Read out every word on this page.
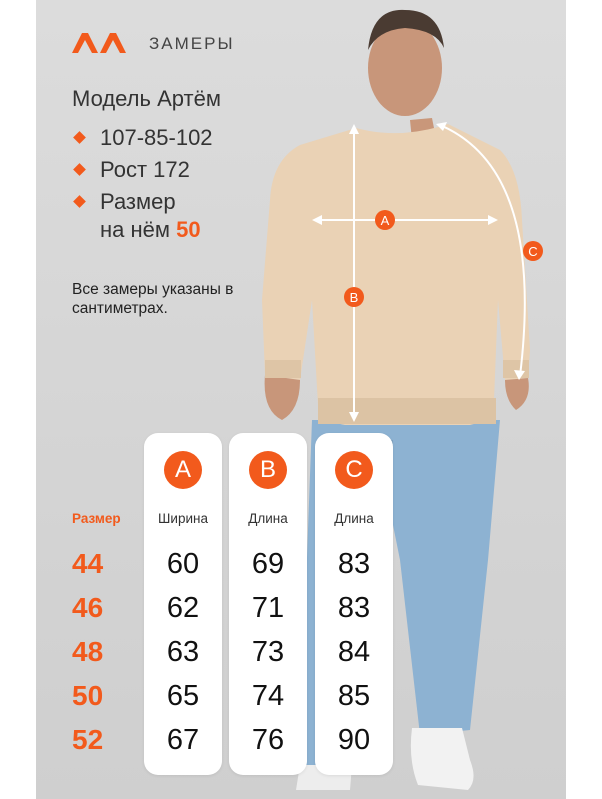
A
B
C
ЗАМЕРЫ
Модель Артём
107-85-102
Рост 172
Размер
на нём 50
Все замеры указаны в сантиметрах.
Размер
A
Ширина
60
62
63
65
67
B
Длина
69
71
73
74
76
C
Длина
83
83
84
85
90
44
46
48
50
52
